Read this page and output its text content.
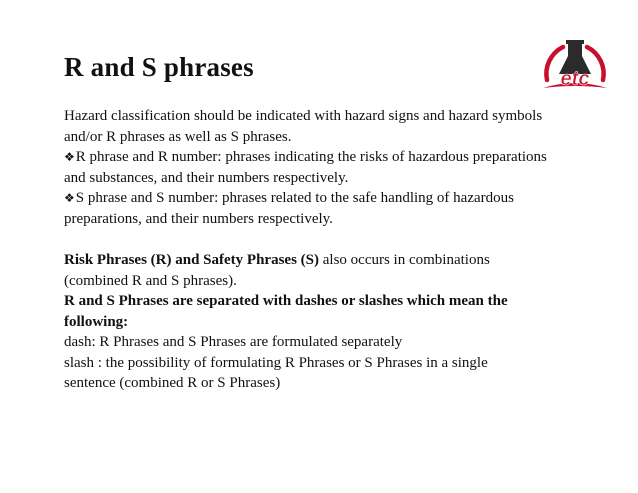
R and S phrases	etc
Hazard classification should be indicated with hazard signs and hazard symbols
and/or R phrases as well as S phrases.
❖R phrase and R number: phrases indicating the risks of hazardous preparations
and substances, and their numbers respectively.
❖S phrase and S number: phrases related to the safe handling of hazardous
preparations, and their numbers respectively.
Risk Phrases (R) and Safety Phrases (S) also occurs in combinations
(combined R and S phrases).
R and S Phrases are separated with dashes or slashes which mean the
following:
dash: R Phrases and S Phrases are formulated separately
slash : the possibility of formulating R Phrases or S Phrases in a single
sentence (combined R or S Phrases)
